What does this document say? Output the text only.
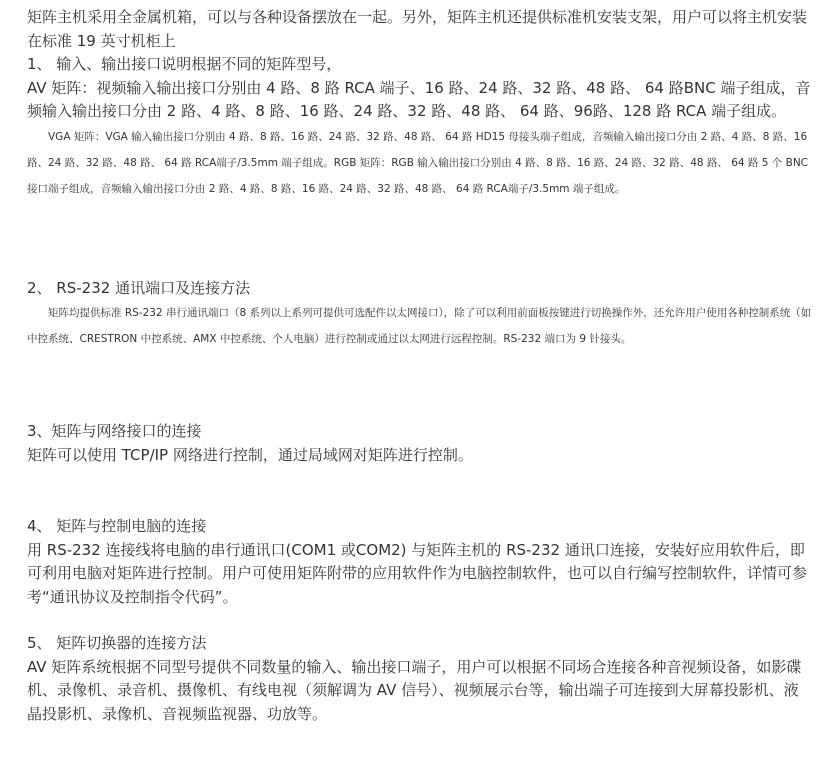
矩阵主机采用全金属机箱，可以与各种设备摆放在一起。另外，矩阵主机还提供标准机安装支架，用户可以将主机安装在标准 19 英寸机柜上

1、 输入、输出接口说明根据不同的矩阵型号，

AV 矩阵：视频输入输出接口分别由 4 路、8 路 RCA 端子、16 路、24 路、32 路、48 路、 64 路BNC 端子组成，音频输入输出接口分由 2 路、4 路、8 路、16 路、24 路、32 路、48 路、 64 路、96路、128 路 RCA 端子组成。

VGA 矩阵：VGA 输入输出接口分别由 4 路、8 路、16 路、24 路、32 路、48 路、 64 路 HD15 母接头端子组成，音频输入输出接口分由 2 路、4 路、8 路、16 路、24 路、32 路、48 路、 64 路 RCA端子/3.5mm 端子组成。RGB 矩阵：RGB 输入输出接口分别由 4 路、8 路、16 路、24 路、32 路、48 路、 64 路 5 个 BNC接口端子组成，音频输入输出接口分由 2 路、4 路、8 路、16 路、24 路、32 路、48 路、 64 路 RCA端子/3.5mm 端子组成。

2、 RS-232 通讯端口及连接方法

矩阵均提供标准 RS-232 串行通讯端口（8 系列以上系列可提供可选配件以太网接口），除了可以利用前面板按键进行切换操作外，还允许用户使用各种控制系统（如中控系统、CRESTRON 中控系统、AMX 中控系统、个人电脑）进行控制或通过以太网进行远程控制。RS-232 端口为 9 针接头。

3、矩阵与网络接口的连接

矩阵可以使用 TCP/IP 网络进行控制，通过局域网对矩阵进行控制。

4、 矩阵与控制电脑的连接

用 RS-232 连接线将电脑的串行通讯口(COM1 或COM2) 与矩阵主机的 RS-232 通讯口连接，安装好应用软件后，即可利用电脑对矩阵进行控制。用户可使用矩阵附带的应用软件作为电脑控制软件，也可以自行编写控制软件，详情可参考“通讯协议及控制指令代码”。

5、 矩阵切换器的连接方法

AV 矩阵系统根据不同型号提供不同数量的输入、输出接口端子，用户可以根据不同场合连接各种音视频设备，如影碟机、录像机、录音机、摄像机、有线电视（须解调为 AV 信号）、视频展示台等，输出端子可连接到大屏幕投影机、液晶投影机、录像机、音视频监视器、功放等。
